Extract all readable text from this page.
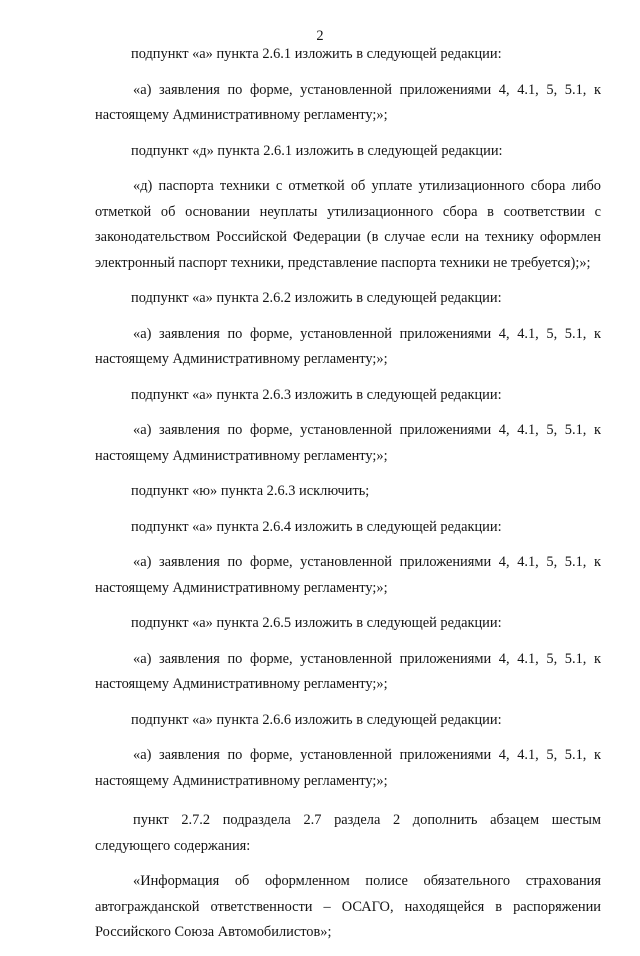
2

подпункт «а» пункта 2.6.1 изложить в следующей редакции:

«а) заявления по форме, установленной приложениями 4, 4.1, 5, 5.1, к настоящему Административному регламенту;»;

подпункт «д» пункта 2.6.1 изложить в следующей редакции:

«д) паспорта техники с отметкой об уплате утилизационного сбора либо отметкой об основании неуплаты утилизационного сбора в соответствии с законодательством Российской Федерации (в случае если на технику оформлен электронный паспорт техники, представление паспорта техники не требуется);»;

подпункт «а» пункта 2.6.2 изложить в следующей редакции:

«а) заявления по форме, установленной приложениями 4, 4.1, 5, 5.1, к настоящему Административному регламенту;»;

подпункт «а» пункта 2.6.3 изложить в следующей редакции:

«а) заявления по форме, установленной приложениями 4, 4.1, 5, 5.1, к настоящему Административному регламенту;»;

подпункт «ю» пункта 2.6.3 исключить;

подпункт «а» пункта 2.6.4 изложить в следующей редакции:

«а) заявления по форме, установленной приложениями 4, 4.1, 5, 5.1, к настоящему Административному регламенту;»;

подпункт «а» пункта 2.6.5 изложить в следующей редакции:

«а) заявления по форме, установленной приложениями 4, 4.1, 5, 5.1, к настоящему Административному регламенту;»;

подпункт «а» пункта 2.6.6 изложить в следующей редакции:

«а) заявления по форме, установленной приложениями 4, 4.1, 5, 5.1, к настоящему Административному регламенту;»;

пункт 2.7.2 подраздела 2.7 раздела 2 дополнить абзацем шестым следующего содержания:

«Информация об оформленном полисе обязательного страхования автогражданской ответственности – ОСАГО, находящейся в распоряжении Российского Союза Автомобилистов»;
